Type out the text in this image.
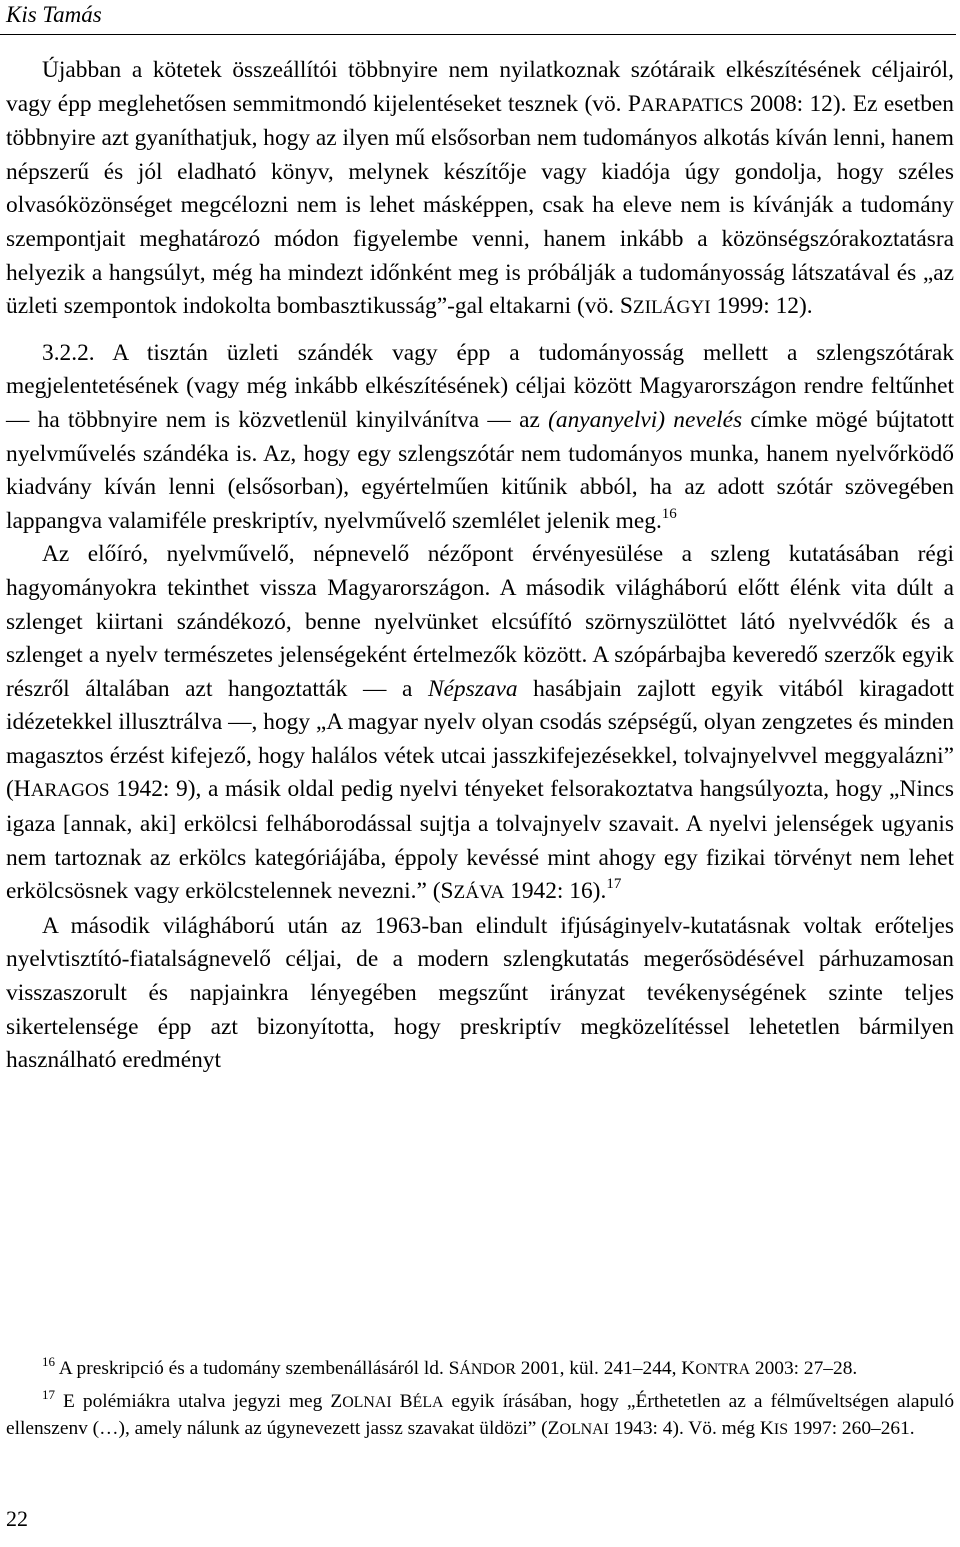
Kis Tamás

Újabban a kötetek összeállítói többnyire nem nyilatkoznak szótáraik elkészítésének céljairól, vagy épp meglehetősen semmitmondó kijelentéseket tesznek (vö. PARAPATICS 2008: 12). Ez esetben többnyire azt gyaníthatjuk, hogy az ilyen mű elsősorban nem tudományos alkotás kíván lenni, hanem népszerű és jól eladható könyv, melynek készítője vagy kiadója úgy gondolja, hogy széles olvasóközönséget megcélozni nem is lehet másképpen, csak ha eleve nem is kívánják a tudomány szempontjait meghatározó módon figyelembe venni, hanem inkább a közönségszórakoztatásra helyezik a hangsúlyt, még ha mindezt időnként meg is próbálják a tudományosság látszatával és „az üzleti szempontok indokolta bombasztikusság”-gal eltakarni (vö. SZILÁGYI 1999: 12).

3.2.2. A tisztán üzleti szándék vagy épp a tudományosság mellett a szlengszótárak megjelentetésének (vagy még inkább elkészítésének) céljai között Magyarországon rendre feltűnhet — ha többnyire nem is közvetlenül kinyilvánítva — az (anyanyelvi) nevelés címke mögé bújtatott nyelvművelés szándéka is. Az, hogy egy szlengszótár nem tudományos munka, hanem nyelvőrködő kiadvány kíván lenni (elsősorban), egyértelműen kitűnik abból, ha az adott szótár szövegében lappangva valamiféle preskriptív, nyelvművelő szemlélet jelenik meg.$^{16}$

Az előíró, nyelvművelő, népnevelő nézőpont érvényesülése a szleng kutatásában régi hagyományokra tekinthet vissza Magyarországon. A második világháború előtt élénk vita dúlt a szlenget kiirtani szándékozó, benne nyelvünket elcsúfító szörnyszülöttet látó nyelvvédők és a szlenget a nyelv természetes jelenségeként értelmezők között. A szópárbajba keveredő szerzők egyik részről általában azt hangoztatták — a Népszava hasábjain zajlott egyik vitából kiragadott idézetekkel illusztrálva —, hogy „A magyar nyelv olyan csodás szépségű, olyan zengzetes és minden magasztos érzést kifejező, hogy halálos vétek utcai jasszkifejezésekkel, tolvajnyelvvel meggyalázni” (HARAGOS 1942: 9), a másik oldal pedig nyelvi tényeket felsorakoztatva hangsúlyozta, hogy „Nincs igaza [annak, aki] erkölcsi felháborodással sujtja a tolvajnyelv szavait. A nyelvi jelenségek ugyanis nem tartoznak az erkölcs kategóriájába, éppoly kevéssé mint ahogy egy fizikai törvényt nem lehet erkölcsösnek vagy erkölcstelennek nevezni.” (SZÁVA 1942: 16).$^{17}$

A második világháború után az 1963-ban elindult ifjúságinyelv-kutatásnak voltak erőteljes nyelvtisztító-fiatalságnevelő céljai, de a modern szlengkutatás megerősödésével párhuzamosan visszaszorult és napjainkra lényegében megszűnt irányzat tevékenységének szinte teljes sikertelensége épp azt bizonyította, hogy preskriptív megközelítéssel lehetetlen bármilyen használható eredményt

$^{16}$ A preskripció és a tudomány szembenállásáról ld. SÁNDOR 2001, kül. 241–244, KONTRA 2003: 27–28.

$^{17}$ E polémiákra utalva jegyzi meg ZOLNAI BÉLA egyik írásában, hogy „Érthetetlen az a félműveltségen alapuló ellenszenv (…), amely nálunk az úgynevezett jassz szavakat üldözi” (ZOLNAI 1943: 4). Vö. még KIS 1997: 260–261.

22
